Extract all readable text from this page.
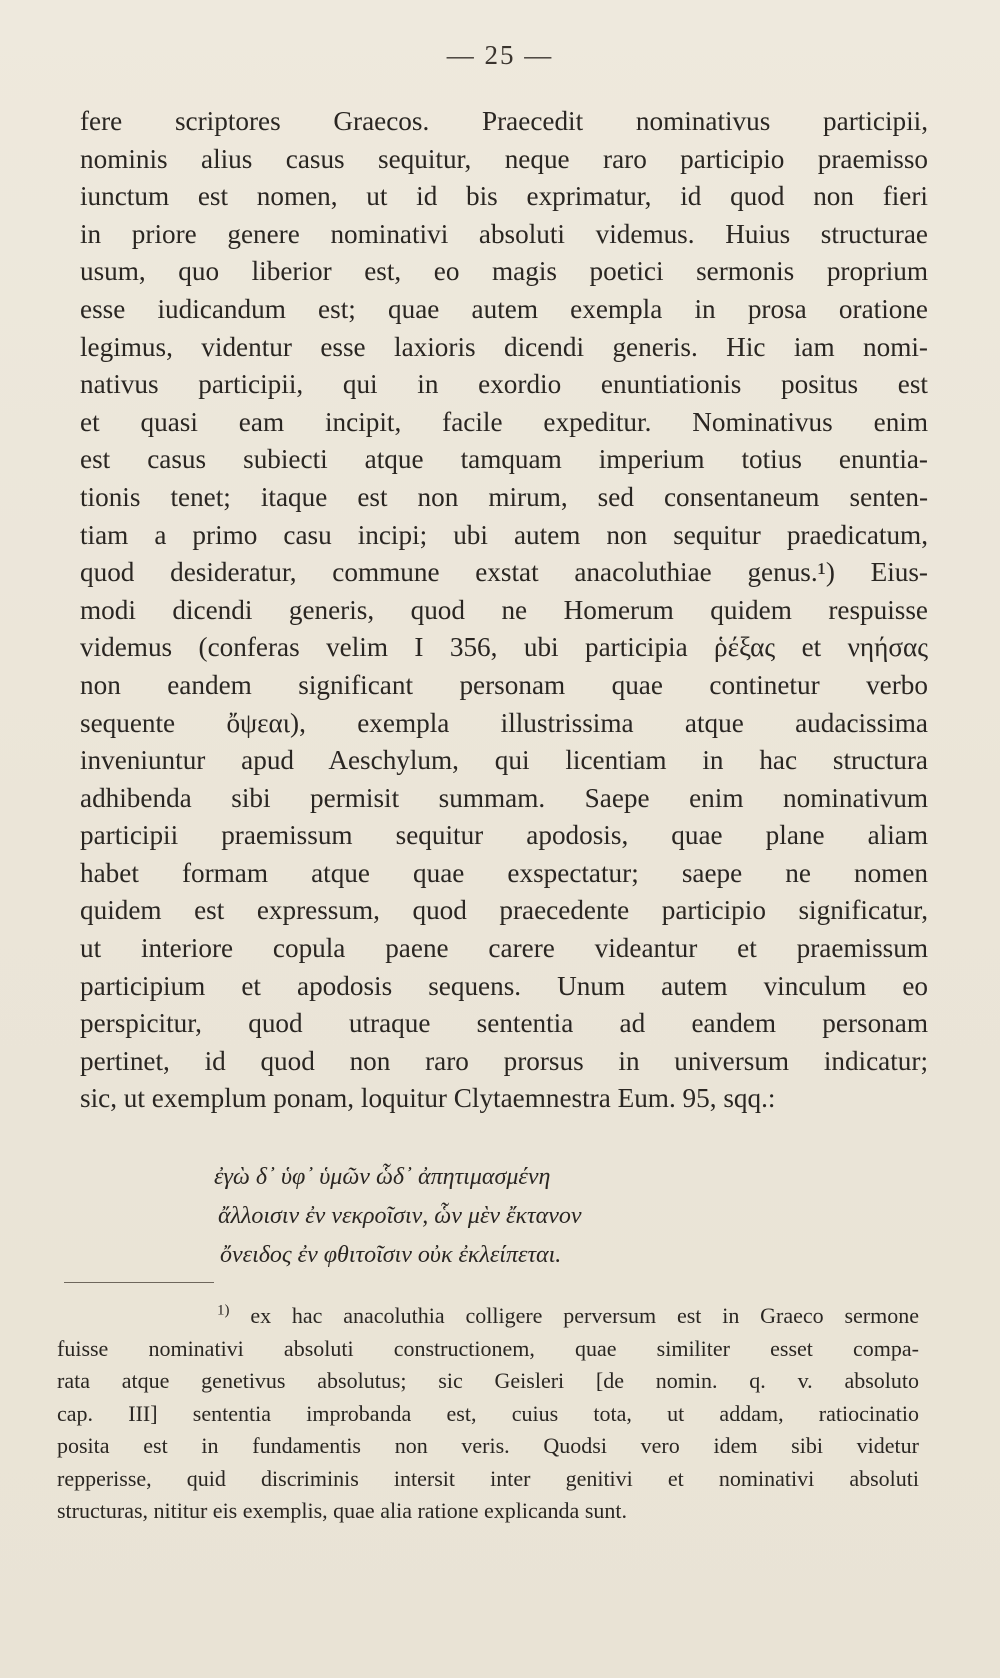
— 25 —
fere scriptores Graecos. Praecedit nominativus participii,
nominis alius casus sequitur, neque raro participio praemisso
iunctum est nomen, ut id bis exprimatur, id quod non fieri
in priore genere nominativi absoluti videmus. Huius structurae
usum, quo liberior est, eo magis poetici sermonis proprium
esse iudicandum est; quae autem exempla in prosa oratione
legimus, videntur esse laxioris dicendi generis. Hic iam nomi-
nativus participii, qui in exordio enuntiationis positus est
et quasi eam incipit, facile expeditur. Nominativus enim
est casus subiecti atque tamquam imperium totius enuntia-
tionis tenet; itaque est non mirum, sed consentaneum senten-
tiam a primo casu incipi; ubi autem non sequitur praedicatum,
quod desideratur, commune exstat anacoluthiae genus.¹) Eius-
modi dicendi generis, quod ne Homerum quidem respuisse
videmus (conferas velim I 356, ubi participia ῥέξας et νηήσας
non eandem significant personam quae continetur verbo
sequente ὄψεαι), exempla illustrissima atque audacissima
inveniuntur apud Aeschylum, qui licentiam in hac structura
adhibenda sibi permisit summam. Saepe enim nominativum
participii praemissum sequitur apodosis, quae plane aliam
habet formam atque quae exspectatur; saepe ne nomen
quidem est expressum, quod praecedente participio significatur,
ut interiore copula paene carere videantur et praemissum
participium et apodosis sequens. Unum autem vinculum eo
perspicitur, quod utraque sententia ad eandem personam
pertinet, id quod non raro prorsus in universum indicatur;
sic, ut exemplum ponam, loquitur Clytaemnestra Eum. 95, sqq.:
ἐγὼ δ᾽ ὑφ᾽ ὑμῶν ὧδ᾽ ἀπητιμασμένη
ἄλλοισιν ἐν νεκροῖσιν, ὧν μὲν ἔκτανον
ὄνειδος ἐν φθιτοῖσιν οὐκ ἐκλείπεται.
$^{1)}$ ex hac anacoluthia colligere perversum est in Graeco sermone
fuisse nominativi absoluti constructionem, quae similiter esset compa-
rata atque genetivus absolutus; sic Geisleri [de nomin. q. v. absoluto
cap. III] sententia improbanda est, cuius tota, ut addam, ratiocinatio
posita est in fundamentis non veris. Quodsi vero idem sibi videtur
repperisse, quid discriminis intersit inter genitivi et nominativi absoluti
structuras, nititur eis exemplis, quae alia ratione explicanda sunt.
